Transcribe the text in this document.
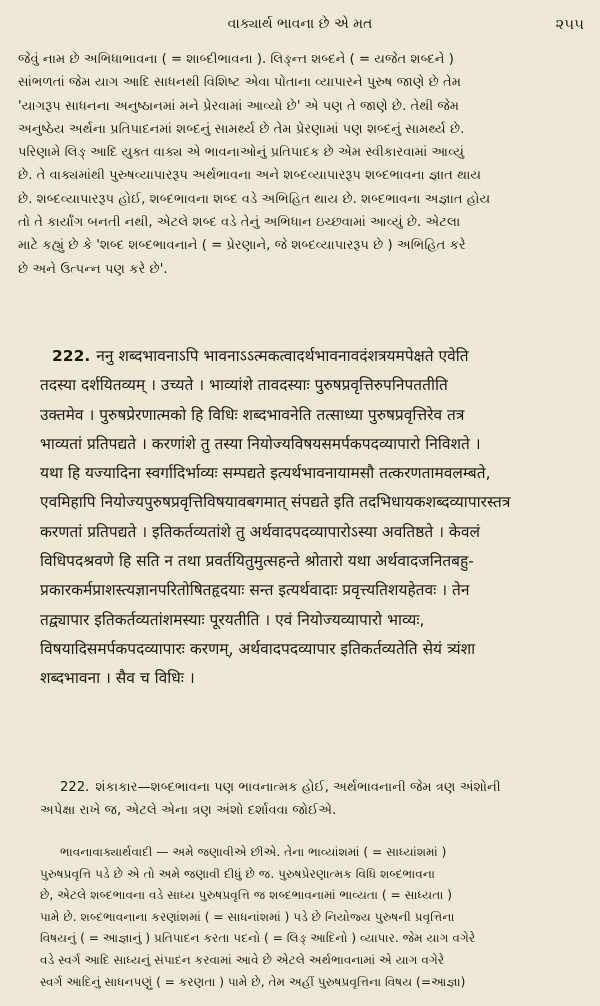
વાક્યાર્થ ભાવના છે એ મત	૨૫૫
જેવું નામ છે અભિધાભાવના ( = શાબ્દીભાવના ). લિઙ્‌ન્ત શબ્દને ( = યજેત શબ્દને )
સાંભળતાં જેમ યાગ આદિ સાધનથી વિશિષ્ટ એવા પોતાના વ્યાપારને પુરુષ જાણે છે તેમ
'યાગરૂપ સાધનના અનુષ્ઠાનમાં મને પ્રેરવામાં આવ્યો છે' એ પણ તે જાણે છે. તેથી જેમ
અનુષ્ઠેય અર્થના પ્રતિપાદનમાં શબ્દનું સામર્થ્ય છે તેમ પ્રેરણામાં પણ શબ્દનું સામર્થ્ય છે.
પરિણામે લિઙ્ આદિ યુક્ત વાક્ય એ ભાવનાઓનું પ્રતિપાદક છે એમ સ્વીકારવામાં આવ્યું
છે. તે વાક્યમાંથી પુરુષવ્યાપારરૂપ અર્થભાવના અને શબ્દવ્યાપારરૂપ શબ્દભાવના જ્ઞાત થાય
છે. શબ્દવ્યાપારરૂપ હોઈ, શબ્દભાવના શબ્દ વડે અભિહિત થાય છે. શબ્દભાવના અજ્ઞાત હોય
તો તે કાર્યાંગ બનતી નથી, એટલે શબ્દ વડે તેનું અભિધાન ઇચ્છવામાં આવ્યું છે. એટલા
માટે કહ્યું છે કે 'શબ્દ શબ્દભાવનાને ( = પ્રેરણાને, જે શબ્દવ્યાપારરૂપ છે ) અભિહિત કરે
છે અને ઉત્પન્ન પણ કરે છે'.
222. ननु शब्दभावनाऽपि भावनाऽऽत्मकत्वादर्थभावनावदंशत्रयमपेक्षते एवेति
तदस्या दर्शयितव्यम् । उच्यते । भाव्यांशे तावदस्याः पुरुषप्रवृत्तिरुपनिपततीति
उक्तमेव । पुरुषप्रेरणात्मको हि विधिः शब्दभावनेति तत्साध्या पुरुषप्रवृत्तिरेव तत्र
भाव्यतां प्रतिपद्यते । करणांशे तु तस्या नियोज्यविषयसमर्पकपदव्यापारो निविशते ।
यथा हि यज्यादिना स्वर्गादिर्भाव्यः सम्पद्यते इत्यर्थभावनायामसौ तत्करणतामवलम्बते,
एवमिहापि नियोज्यपुरुषप्रवृत्तिविषयावबगमात् संपद्यते इति तदभिधायकशब्दव्यापारस्तत्र
करणतां प्रतिपद्यते । इतिकर्तव्यतांशे तु अर्थवादपदव्यापारोऽस्या अवतिष्ठते । केवलं
विधिपदश्रवणे हि सति न तथा प्रवर्तयितुमुत्सहन्ते श्रोतारो यथा अर्थवादजनितबहु-
प्रकारकर्मप्राशस्त्यज्ञानपरितोषितहृदयाः सन्त इत्यर्थवादाः प्रवृत्त्यतिशयहेतवः । तेन
तद्व्यापार इतिकर्तव्यतांशमस्याः पूरयतीति । एवं नियोज्यव्यापारो भाव्यः,
विषयादिसमर्पकपदव्यापारः करणम्, अर्थवादपदव्यापार इतिकर्तव्यतेति सेयं त्र्यंशा
शब्दभावना । सैव च विधिः ।
222. શંકાકાર—શબ્દભાવના પણ ભાવનાત્મક હોઈ, અર્થભાવનાની જેમ ત્રણ અંશોની
અપેક્ષા રાખે જ, એટલે એના ત્રણ અંશો દર્શાવવા જોઈએ.
ભાવનાવાક્યાર્થવાદી — અમે જણાવીએ છીએ. તેના ભાવ્યાંશમાં ( = સાધ્યાંશમાં )
પુરુષપ્રવૃત્તિ પડે છે એ તો અમે જણાવી દીધું છે જ. પુરુષપ્રેરણાત્મક વિધિ શબ્દભાવના
છે, એટલે શબ્દભાવના વડે સાધ્ય પુરુષપ્રવૃત્તિ જ શબ્દભાવનામાં ભાવ્યતા ( = સાધ્યતા )
પામે છે. શબ્દભાવનાના કરણાંશમાં ( = સાધનાંશમાં ) પડે છે નિયોજ્ય પુરુષની પ્રવૃત્તિના
વિષયનું ( = આજ્ઞાનું ) પ્રતિપાદન કરતા પદનો ( = લિઙ્ આદિનો ) વ્યાપાર. જેમ યાગ વગેરે
વડે સ્વર્ગ આદિ સાધ્યનું સંપાદન કરવામાં આવે છે એટલે અર્થભાવનામાં એ યાગ વગેરે
સ્વર્ગ આદિનું સાધનપણું ( = કરણતા ) પામે છે, તેમ અહીં પુરુષપ્રવૃત્તિના વિષય (=આજ્ઞા)
